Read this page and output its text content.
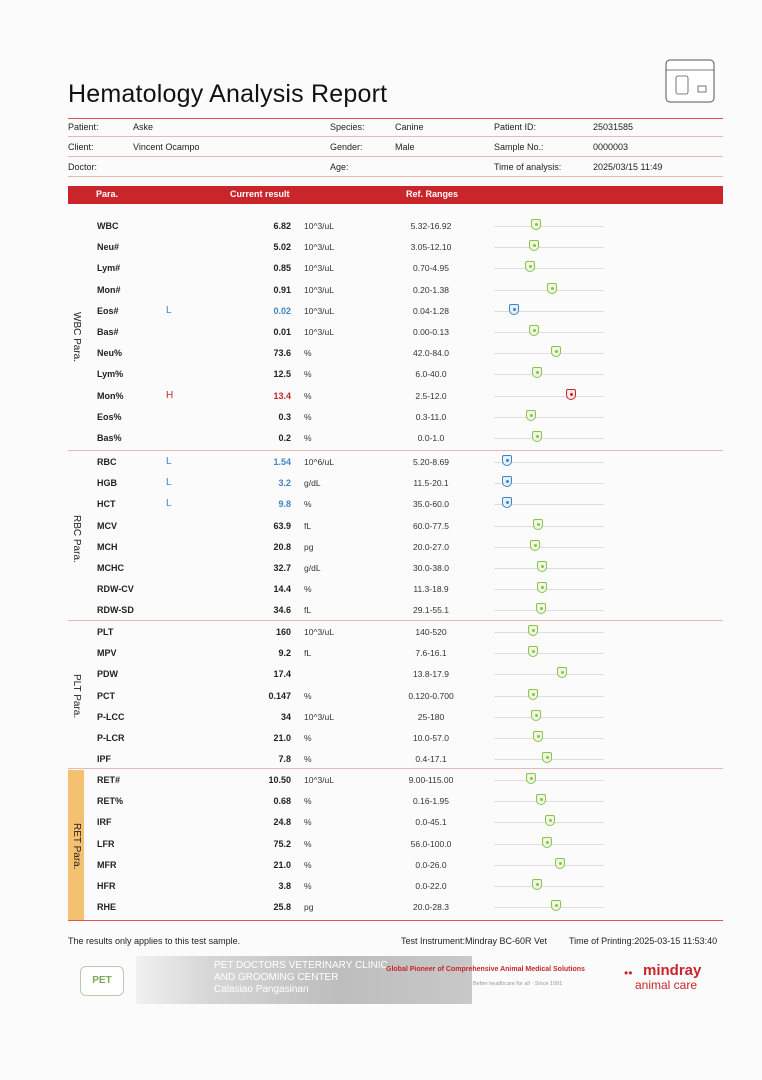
Hematology Analysis Report
Patient:	Aske	Species:	Canine	Patient ID:	25031585
Client:	Vincent Ocampo	Gender:	Male	Sample No.:	0000003
Doctor:	Age:	Time of analysis:	2025/03/15 11:49
Para.	Current result	Ref. Ranges
WBC Para.
WBC	6.82 10^3/uL	5.32-16.92
Neu#	5.02 10^3/uL	3.05-12.10
Lym#	0.85 10^3/uL	0.70-4.95
Mon#	0.91 10^3/uL	0.20-1.38
Eos#	L	0.02 10^3/uL	0.04-1.28
Bas#	0.01 10^3/uL	0.00-0.13
Neu%	73.6 %	42.0-84.0
Lym%	12.5 %	6.0-40.0
Mon%	H	13.4 %	2.5-12.0
Eos%	0.3 %	0.3-11.0
Bas%	0.2 %	0.0-1.0
RBC Para.
RBC	L	1.54 10^6/uL	5.20-8.69
HGB	L	3.2 g/dL	11.5-20.1
HCT	L	9.8 %	35.0-60.0
MCV	63.9 fL	60.0-77.5
MCH	20.8 pg	20.0-27.0
MCHC	32.7 g/dL	30.0-38.0
RDW-CV	14.4 %	11.3-18.9
RDW-SD	34.6 fL	29.1-55.1
PLT Para.
PLT	160 10^3/uL	140-520
MPV	9.2 fL	7.6-16.1
PDW	17.4	13.8-17.9
PCT	0.147 %	0.120-0.700
P-LCC	34 10^3/uL	25-180
P-LCR	21.0 %	10.0-57.0
IPF	7.8 %	0.4-17.1
RET Para.
RET#	10.50 10^3/uL	9.00-115.00
RET%	0.68 %	0.16-1.95
IRF	24.8 %	0.0-45.1
LFR	75.2 %	56.0-100.0
MFR	21.0 %	0.0-26.0
HFR	3.8 %	0.0-22.0
RHE	25.8 pg	20.0-28.3
The results only applies to this test sample.	Test Instrument:Mindray BC-60R Vet Time of Printing:2025-03-15 11:53:40
PET
PET DOCTORS VETERINARY CLINIC
AND GROOMING CENTER
Calasiao Pangasinan
Global Pioneer of Comprehensive Animal Medical Solutions
Better healthcare for all · Since 1991
•• mindray
animal care
